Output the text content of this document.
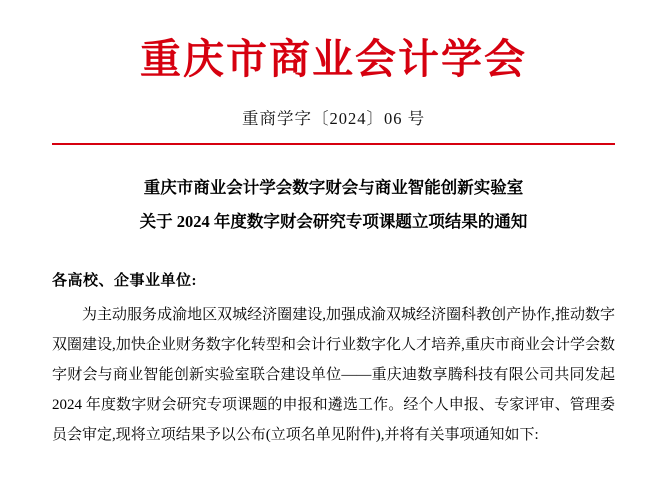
重庆市商业会计学会
重商学字〔2024〕06 号
重庆市商业会计学会数字财会与商业智能创新实验室
关于 2024 年度数字财会研究专项课题立项结果的通知
各高校、企事业单位:

为主动服务成渝地区双城经济圈建设,加强成渝双城经济圈科教创产协作,推动数字双圈建设,加快企业财务数字化转型和会计行业数字化人才培养,重庆市商业会计学会数字财会与商业智能创新实验室联合建设单位——重庆迪数享腾科技有限公司共同发起 2024 年度数字财会研究专项课题的申报和遴选工作。经个人申报、专家评审、管理委员会审定,现将立项结果予以公布(立项名单见附件),并将有关事项通知如下:
